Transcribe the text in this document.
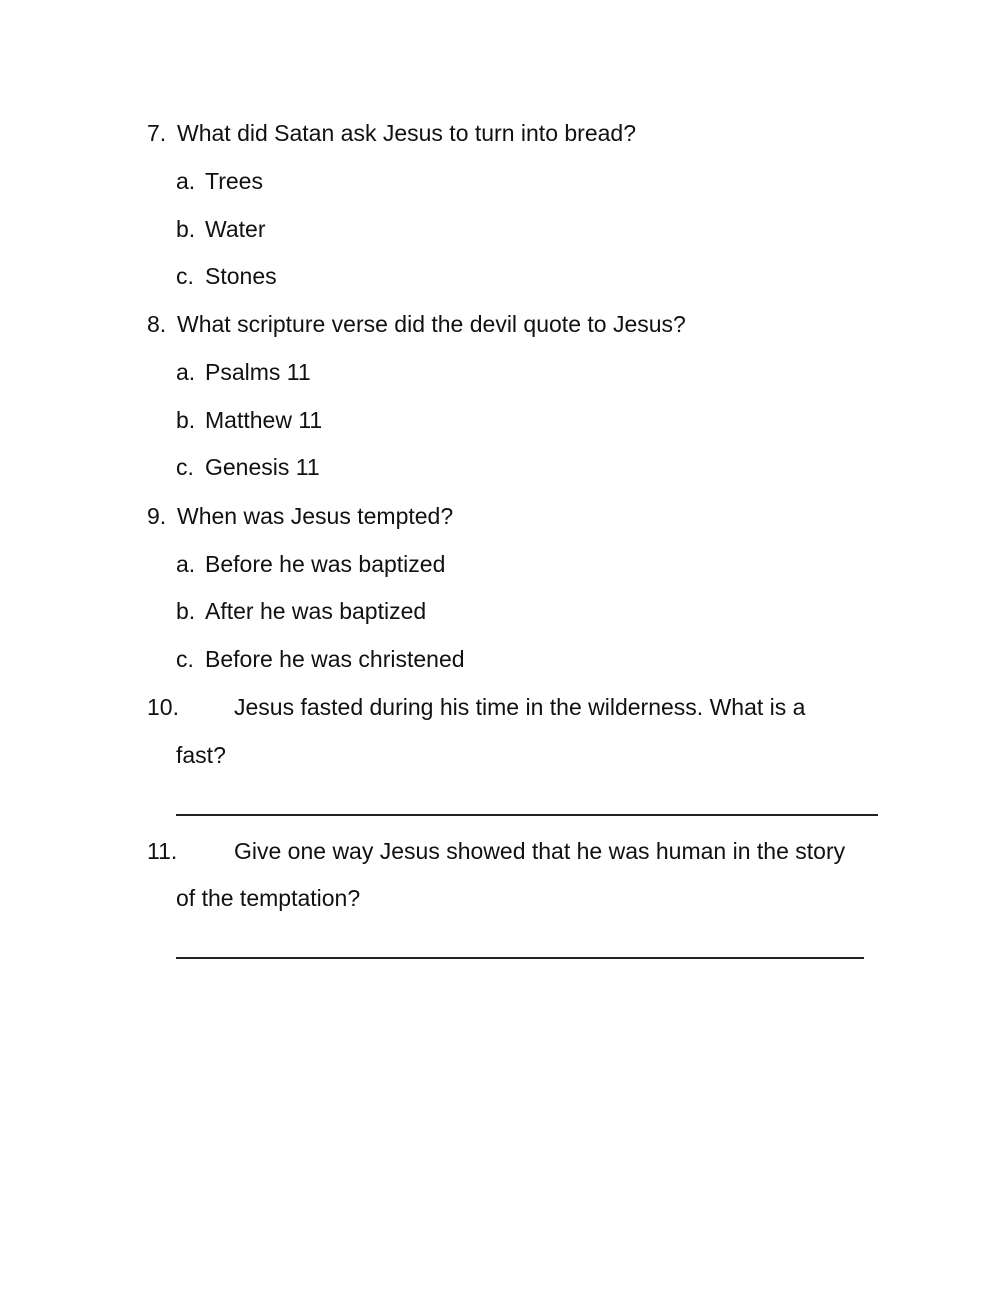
7. What did Satan ask Jesus to turn into bread?
a. Trees
b. Water
c. Stones
8. What scripture verse did the devil quote to Jesus?
a. Psalms 11
b. Matthew 11
c. Genesis 11
9. When was Jesus tempted?
a. Before he was baptized
b. After he was baptized
c. Before he was christened
10. Jesus fasted during his time in the wilderness. What is a
fast?
11. Give one way Jesus showed that he was human in the story
of the temptation?
